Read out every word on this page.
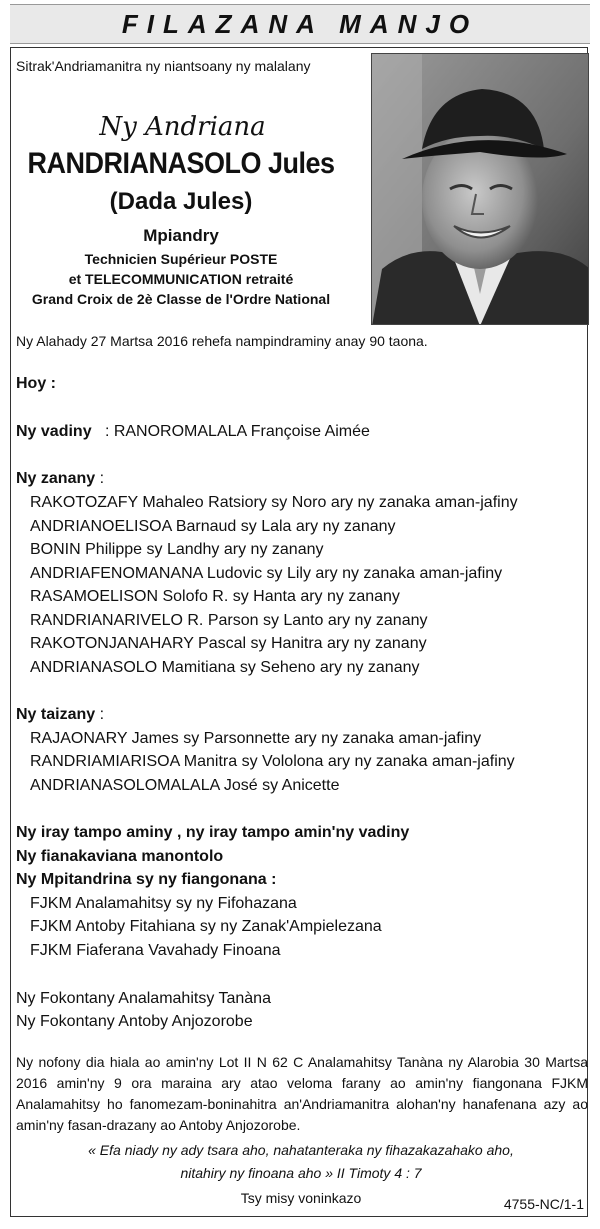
FILAZANA MANJO
Sitrak'Andriamanitra ny niantsoany ny malalany
Ny Andriana
RANDRIANASOLO Jules
(Dada Jules)
Mpiandry
Technicien Supérieur POSTE
et TELECOMMUNICATION retraité
Grand Croix de 2è Classe de l'Ordre National
Ny Alahady 27 Martsa 2016 rehefa nampindraminy anay 90 taona.
Hoy :
Ny vadiny : RANOROMALALA Françoise Aimée
Ny zanany :
RAKOTOZAFY Mahaleo Ratsiory sy Noro ary ny zanaka aman-jafiny
ANDRIANOELISOA Barnaud sy Lala ary ny zanany
BONIN Philippe sy Landhy ary ny zanany
ANDRIAFENOMANANA Ludovic sy Lily ary ny zanaka aman-jafiny
RASAMOELISON Solofo R. sy Hanta ary ny zanany
RANDRIANARIVELO R. Parson sy Lanto ary ny zanany
RAKOTONJANAHARY Pascal sy Hanitra ary ny zanany
ANDRIANASOLO Mamitiana sy Seheno ary ny zanany
Ny taizany :
RAJAONARY James sy Parsonnette ary ny zanaka aman-jafiny
RANDRIAMIARISOA Manitra sy Vololona ary ny zanaka aman-jafiny
ANDRIANASOLOMALALA José sy Anicette
Ny iray tampo aminy , ny iray tampo amin'ny vadiny
Ny fianakaviana manontolo
Ny Mpitandrina sy ny fiangonana :
FJKM Analamahitsy sy ny Fifohazana
FJKM Antoby Fitahiana sy ny Zanak'Ampielezana
FJKM Fiaferana Vavahady Finoana
Ny Fokontany Analamahitsy Tanàna
Ny Fokontany Antoby Anjozorobe
Ny nofony dia hiala ao amin'ny Lot II N 62 C Analamahitsy Tanàna ny Alarobia 30 Martsa 2016 amin'ny 9 ora maraina ary atao veloma farany ao amin'ny fiangonana FJKM Analamahitsy ho fanomezam-boninahitra an'Andriamanitra alohan'ny hanafenana azy ao amin'ny fasan-drazany ao Antoby Anjozorobe.
« Efa niady ny ady tsara aho, nahatanteraka ny fihazakazahako aho,
nitahiry ny finoana aho » II Timoty 4 : 7
Tsy misy voninkazo	4755-NC/1-1
